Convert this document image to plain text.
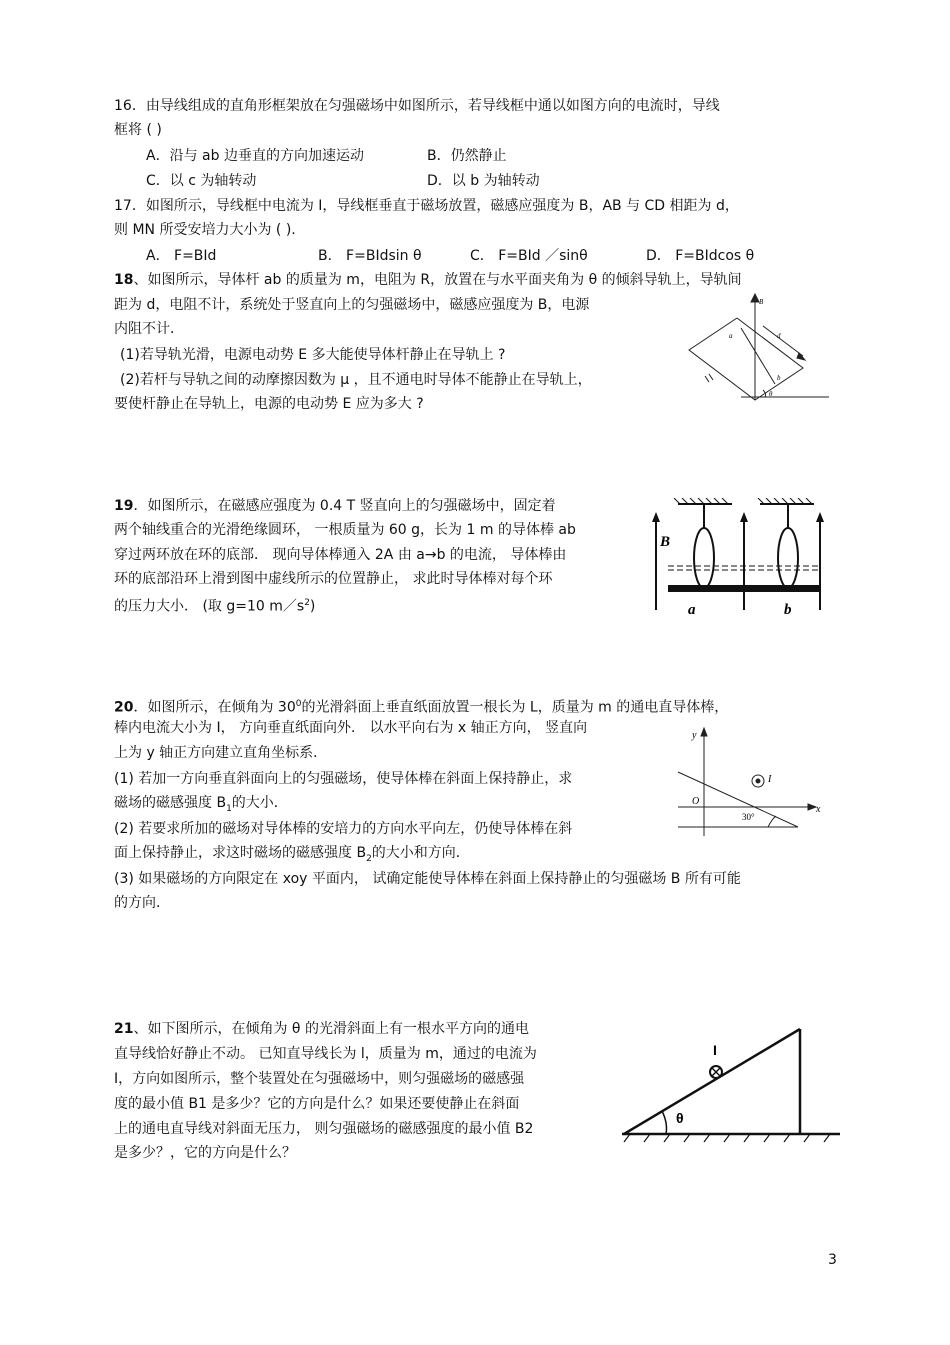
16．由导线组成的直角形框架放在匀强磁场中如图所示，若导线框中通以如图方向的电流时，导线
框将 ( )
A．沿与 ab 边垂直的方向加速运动	B．仍然静止
C．以 c 为轴转动	D．以 b 为轴转动
17．如图所示，导线框中电流为 I，导线框垂直于磁场放置，磁感应强度为 B，AB 与 CD 相距为 d，
则 MN 所受安培力大小为 ( ).
A． F=BId	B． F=BIdsin θ	C． F=BId ／sinθ	D． F=BIdcos θ
18、如图所示，导体杆 ab 的质量为 m，电阻为 R，放置在与水平面夹角为 θ 的倾斜导轨上，导轨间
距为 d，电阻不计，系统处于竖直向上的匀强磁场中，磁感应强度为 B，电源
内阻不计．
(1)若导轨光滑，电源电动势 E 多大能使导体杆静止在导轨上 ?
(2)若杆与导轨之间的动摩擦因数为 μ ，且不通电时导体不能静止在导轨上，
要使杆静止在导轨上，电源的电动势 E 应为多大 ?
B
a
b
d
θ
19．如图所示，在磁感应强度为 0.4 T 竖直向上的匀强磁场中，固定着
两个轴线重合的光滑绝缘圆环， 一根质量为 60 g，长为 1 m 的导体棒 ab
穿过两环放在环的底部． 现向导体棒通入 2A 由 a→b 的电流， 导体棒由
环的底部沿环上滑到图中虚线所示的位置静止， 求此时导体棒对每个环
的压力大小． (取 g=10 $m/s^2$)
B
a	b
20．如图所示，在倾角为 $30^0$的光滑斜面上垂直纸面放置一根长为 L，质量为 m 的通电直导体棒，
棒内电流大小为 I， 方向垂直纸面向外． 以水平向右为 x 轴正方向， 竖直向
上为 y 轴正方向建立直角坐标系．
(1) 若加一方向垂直斜面向上的匀强磁场，使导体棒在斜面上保持静止，求
磁场的磁感强度 $B_1$的大小．
(2) 若要求所加的磁场对导体棒的安培力的方向水平向左，仍使导体棒在斜
面上保持静止，求这时磁场的磁感强度 $B_2$的大小和方向．
(3) 如果磁场的方向限定在 xoy 平面内， 试确定能使导体棒在斜面上保持静止的匀强磁场 B 所有可能
的方向．
y
x
O
I
30°
21、如下图所示，在倾角为 θ 的光滑斜面上有一根水平方向的通电
直导线恰好静止不动。 已知直导线长为 l，质量为 m，通过的电流为
I，方向如图所示，整个装置处在匀强磁场中，则匀强磁场的磁感强
度的最小值 B1 是多少？它的方向是什么？如果还要使静止在斜面
上的通电直导线对斜面无压力， 则匀强磁场的磁感强度的最小值 B2
是多少？，它的方向是什么？
I
θ
3
